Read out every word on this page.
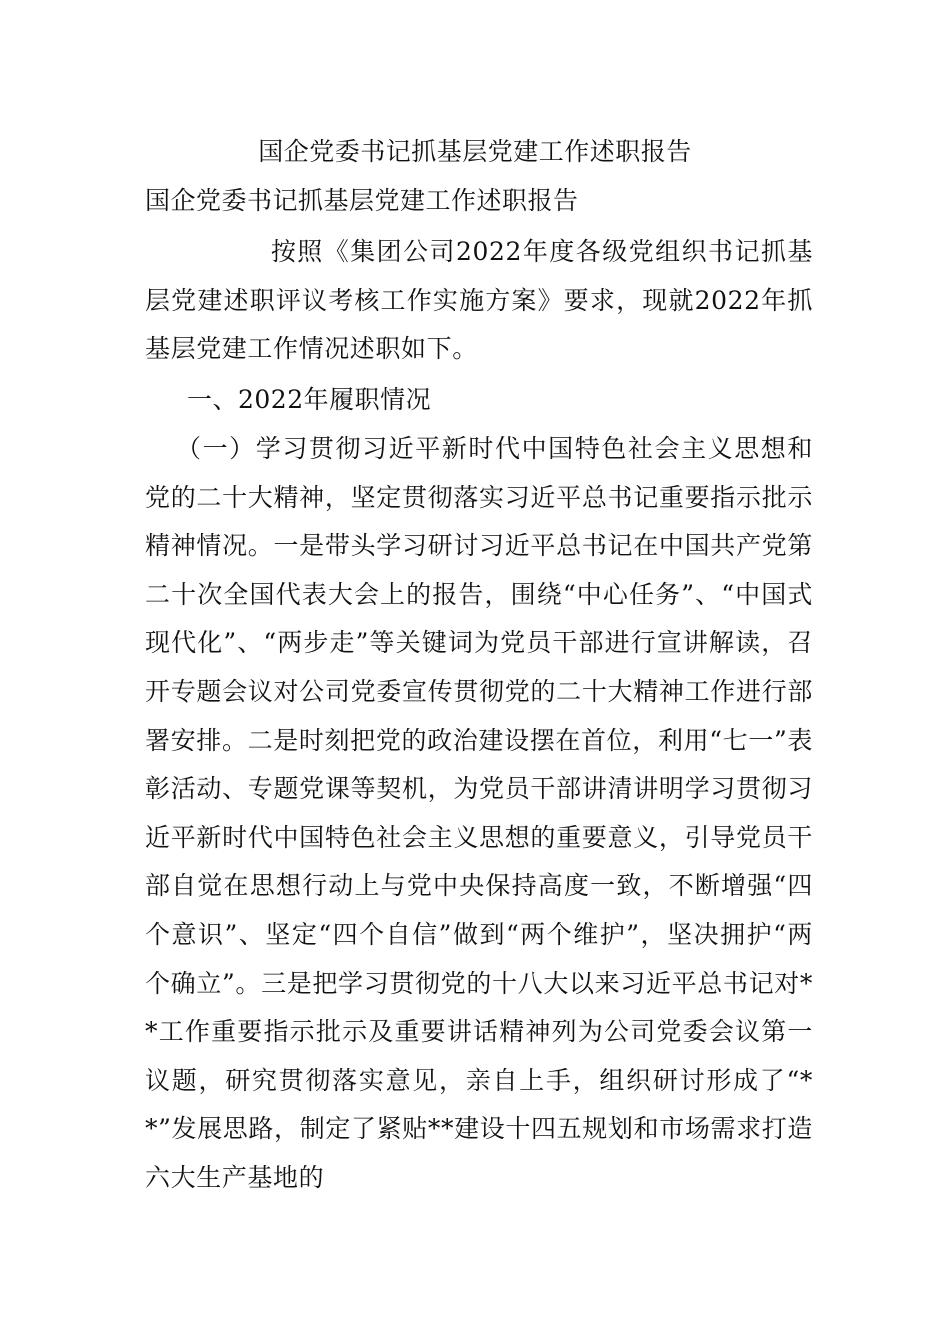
国企党委书记抓基层党建工作述职报告
国企党委书记抓基层党建工作述职报告
按照《集团公司2022年度各级党组织书记抓基层党建述职评议考核工作实施方案》要求，现就2022年抓基层党建工作情况述职如下。
一、2022年履职情况
（一）学习贯彻习近平新时代中国特色社会主义思想和党的二十大精神，坚定贯彻落实习近平总书记重要指示批示精神情况。一是带头学习研讨习近平总书记在中国共产党第二十次全国代表大会上的报告，围绕“中心任务”、“中国式现代化”、“两步走”等关键词为党员干部进行宣讲解读，召开专题会议对公司党委宣传贯彻党的二十大精神工作进行部署安排。二是时刻把党的政治建设摆在首位，利用“七一”表彰活动、专题党课等契机，为党员干部讲清讲明学习贯彻习近平新时代中国特色社会主义思想的重要意义，引导党员干部自觉在思想行动上与党中央保持高度一致，不断增强“四个意识”、坚定“四个自信”做到“两个维护”，坚决拥护“两个确立”。三是把学习贯彻党的十八大以来习近平总书记对**工作重要指示批示及重要讲话精神列为公司党委会议第一议题，研究贯彻落实意见，亲自上手，组织研讨形成了“**”发展思路，制定了紧贴**建设十四五规划和市场需求打造六大生产基地的
